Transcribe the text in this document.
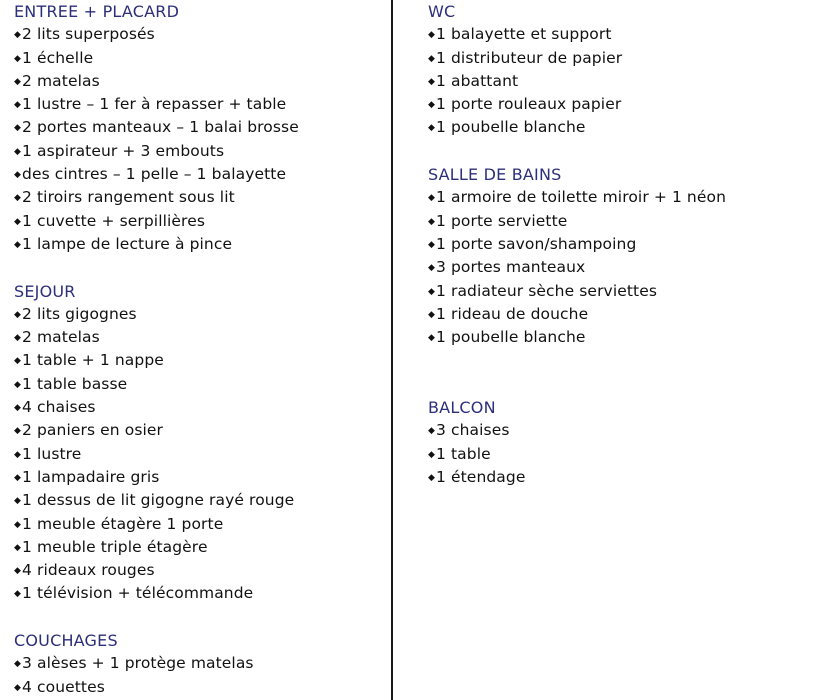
ENTREE + PLACARD
◆2 lits superposés
◆1 échelle
◆2 matelas
◆1 lustre – 1 fer à repasser + table
◆2 portes manteaux – 1 balai brosse
◆1 aspirateur + 3 embouts
◆des cintres – 1 pelle – 1 balayette
◆2 tiroirs rangement sous lit
◆1 cuvette + serpillières
◆1 lampe de lecture à pince
SEJOUR
◆2 lits gigognes
◆2 matelas
◆1 table + 1 nappe
◆1 table basse
◆4 chaises
◆2 paniers en osier
◆1 lustre
◆1 lampadaire gris
◆1 dessus de lit gigogne rayé rouge
◆1 meuble étagère 1 porte
◆1 meuble triple étagère
◆4 rideaux rouges
◆1 télévision + télécommande
COUCHAGES
◆3 alèses + 1 protège matelas
◆4 couettes
WC
◆1 balayette et support
◆1 distributeur de papier
◆1 abattant
◆1 porte rouleaux papier
◆1 poubelle blanche
SALLE DE BAINS
◆1 armoire de toilette miroir + 1 néon
◆1 porte serviette
◆1 porte savon/shampoing
◆3 portes manteaux
◆1 radiateur sèche serviettes
◆1 rideau de douche
◆1 poubelle blanche
BALCON
◆3 chaises
◆1 table
◆1 étendage
